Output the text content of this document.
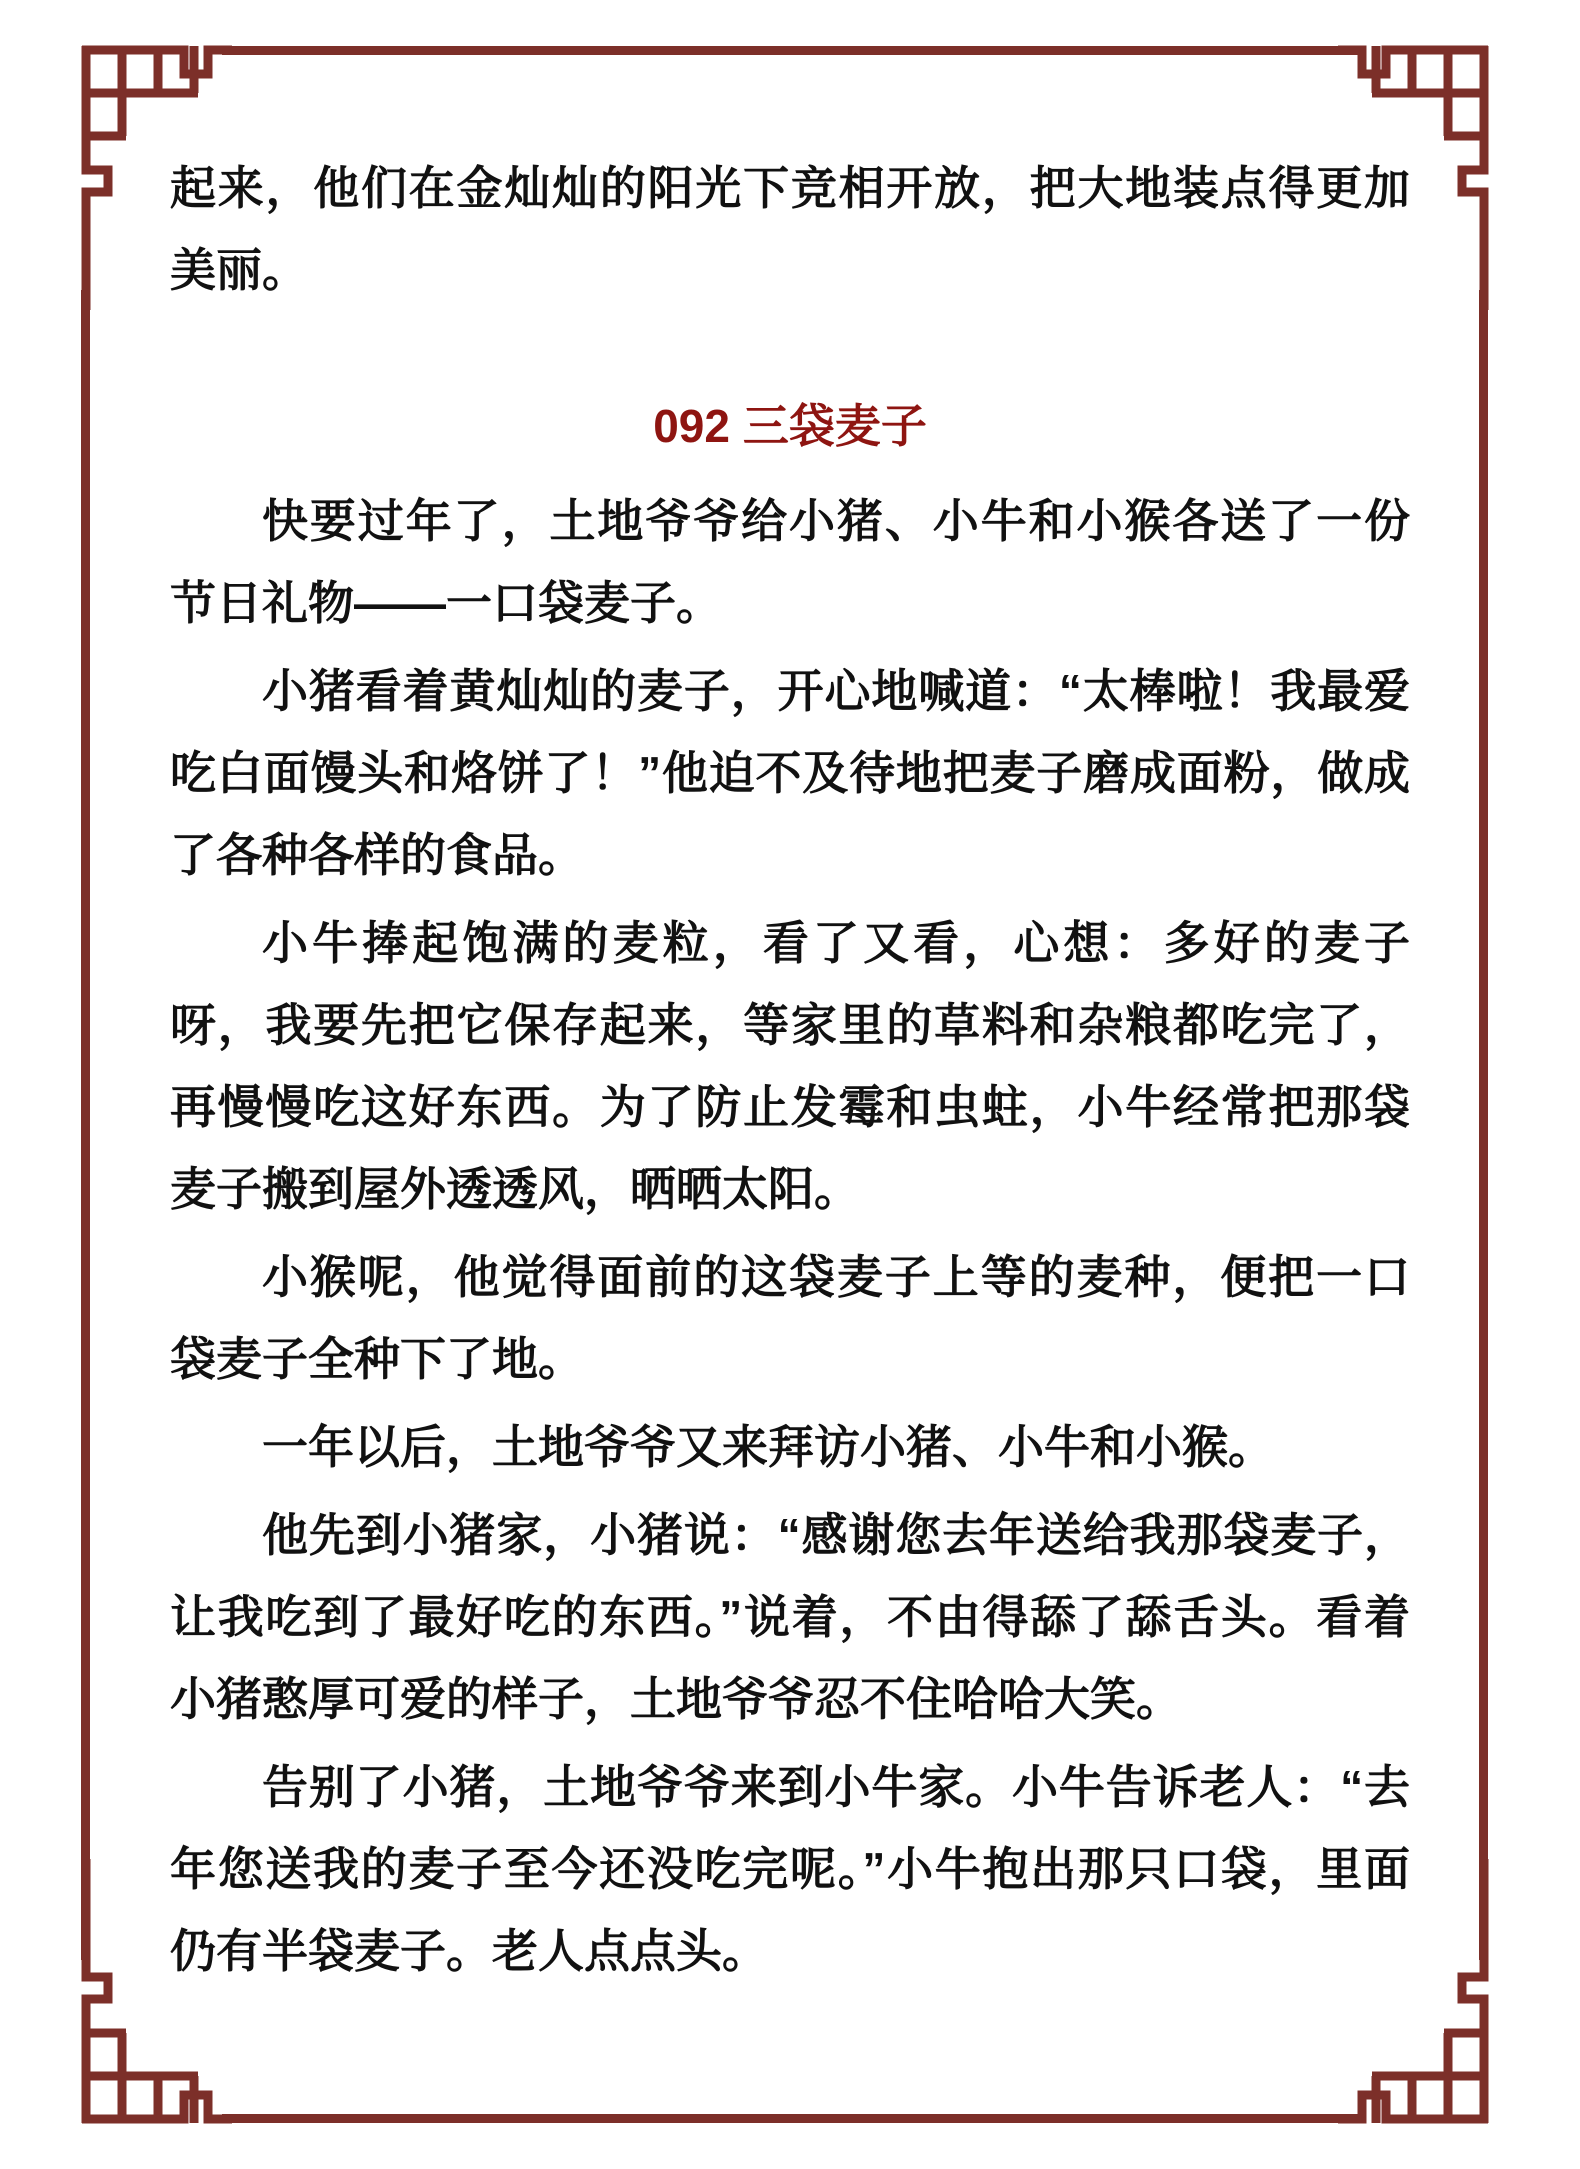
起来，他们在金灿灿的阳光下竞相开放，把大地装点得更加美丽。

092 三袋麦子

快要过年了，土地爷爷给小猪、小牛和小猴各送了一份节日礼物——一口袋麦子。

小猪看着黄灿灿的麦子，开心地喊道：“太棒啦！我最爱吃白面馒头和烙饼了！”他迫不及待地把麦子磨成面粉，做成了各种各样的食品。

小牛捧起饱满的麦粒，看了又看，心想：多好的麦子呀，我要先把它保存起来，等家里的草料和杂粮都吃完了，再慢慢吃这好东西。为了防止发霉和虫蛀，小牛经常把那袋麦子搬到屋外透透风，晒晒太阳。

小猴呢，他觉得面前的这袋麦子上等的麦种，便把一口袋麦子全种下了地。

一年以后，土地爷爷又来拜访小猪、小牛和小猴。

他先到小猪家，小猪说：“感谢您去年送给我那袋麦子，让我吃到了最好吃的东西。”说着，不由得舔了舔舌头。看着小猪憨厚可爱的样子，土地爷爷忍不住哈哈大笑。

告别了小猪，土地爷爷来到小牛家。小牛告诉老人：“去年您送我的麦子至今还没吃完呢。”小牛抱出那只口袋，里面仍有半袋麦子。老人点点头。
